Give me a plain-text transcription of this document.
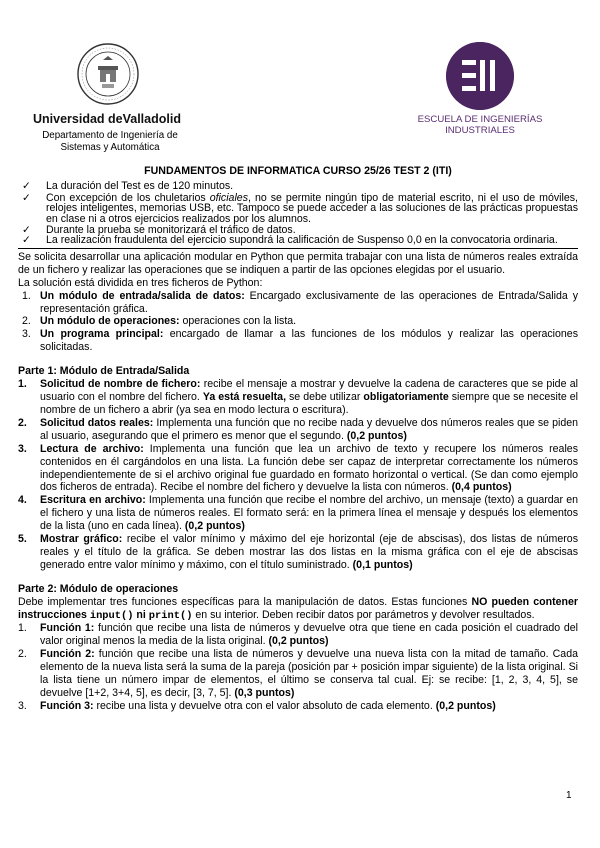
Universidad deValladolid
Departamento de Ingeniería de Sistemas y Automática
ESCUELA DE INGENIERÍAS INDUSTRIALES
FUNDAMENTOS DE INFORMATICA CURSO 25/26 TEST 2 (ITI)
✓ La duración del Test es de 120 minutos.
✓ Con excepción de los chuletarios oficiales, no se permite ningún tipo de material escrito, ni el uso de móviles, relojes inteligentes, memorias USB, etc. Tampoco se puede acceder a las soluciones de las prácticas propuestas en clase ni a otros ejercicios realizados por los alumnos.
✓ Durante la prueba se monitorizará el tráfico de datos.
✓ La realización fraudulenta del ejercicio supondrá la calificación de Suspenso 0,0 en la convocatoria ordinaria.

Se solicita desarrollar una aplicación modular en Python que permita trabajar con una lista de números reales extraída de un fichero y realizar las operaciones que se indiquen a partir de las opciones elegidas por el usuario.

La solución está dividida en tres ficheros de Python:

1. Un módulo de entrada/salida de datos: Encargado exclusivamente de las operaciones de Entrada/Salida y representación gráfica.
2. Un módulo de operaciones: operaciones con la lista.
3. Un programa principal: encargado de llamar a las funciones de los módulos y realizar las operaciones solicitadas.
Parte 1: Módulo de Entrada/Salida
1. Solicitud de nombre de fichero: recibe el mensaje a mostrar y devuelve la cadena de caracteres que se pide al usuario con el nombre del fichero. Ya está resuelta, se debe utilizar obligatoriamente siempre que se necesite el nombre de un fichero a abrir (ya sea en modo lectura o escritura).
2. Solicitud datos reales: Implementa una función que no recibe nada y devuelve dos números reales que se piden al usuario, asegurando que el primero es menor que el segundo. (0,2 puntos)
3. Lectura de archivo: Implementa una función que lea un archivo de texto y recupere los números reales contenidos en él cargándolos en una lista. La función debe ser capaz de interpretar correctamente los números independientemente de si el archivo original fue guardado en formato horizontal o vertical. (Se dan como ejemplo dos ficheros de entrada). Recibe el nombre del fichero y devuelve la lista con números. (0,4 puntos)
4. Escritura en archivo: Implementa una función que recibe el nombre del archivo, un mensaje (texto) a guardar en el fichero y una lista de números reales. El formato será: en la primera línea el mensaje y después los elementos de la lista (uno en cada línea). (0,2 puntos)
5. Mostrar gráfico: recibe el valor mínimo y máximo del eje horizontal (eje de abscisas), dos listas de números reales y el título de la gráfica. Se deben mostrar las dos listas en la misma gráfica con el eje de abscisas generado entre valor mínimo y máximo, con el título suministrado. (0,1 puntos)
Parte 2: Módulo de operaciones

Debe implementar tres funciones específicas para la manipulación de datos. Estas funciones NO pueden contener instrucciones input() ni print() en su interior. Deben recibir datos por parámetros y devolver resultados.

1. Función 1: función que recibe una lista de números y devuelve otra que tiene en cada posición el cuadrado del valor original menos la media de la lista original. (0,2 puntos)
2. Función 2: función que recibe una lista de números y devuelve una nueva lista con la mitad de tamaño. Cada elemento de la nueva lista será la suma de la pareja (posición par + posición impar siguiente) de la lista original. Si la lista tiene un número impar de elementos, el último se conserva tal cual. Ej: se recibe: [1, 2, 3, 4, 5], se devuelve [1+2, 3+4, 5], es decir, [3, 7, 5]. (0,3 puntos)
3. Función 3: recibe una lista y devuelve otra con el valor absoluto de cada elemento. (0,2 puntos)
1
